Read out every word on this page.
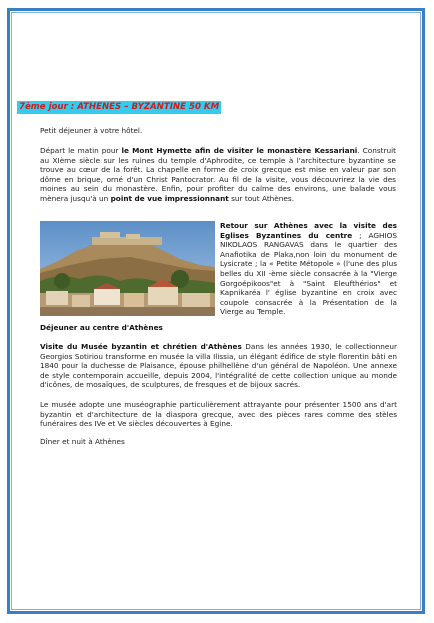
7ème jour : ATHENES – BYZANTINE 50 KM

Petit déjeuner à votre hôtel.

Départ le matin pour le Mont Hymette afin de visiter le monastère Kessariani. Construit au XIème siècle sur les ruines du temple d'Aphrodite, ce temple à l'architecture byzantine se trouve au cœur de la forêt. La chapelle en forme de croix grecque est mise en valeur par son dôme en brique, orné d'un Christ Pantocrator. Au fil de la visite, vous découvrirez la vie des moines au sein du monastère. Enfin, pour profiter du calme des environs, une balade vous mènera jusqu'à un point de vue impressionnant sur tout Athènes.

Retour sur Athènes avec la visite des Eglises Byzantines du centre ; AGHIOS NIKOLAOS RANGAVAS dans le quartier des Anafiotika de Plaka,non loin du monument de Lysicrate ; la « Petite Métopole » (l'une des plus belles du XII -ème siècle consacrée à la "Vierge Gorgoépikoos"et à "Saint Eleufthérios" et Kapnikaréa l' église byzantine en croix avec coupole consacrée à la Présentation de la Vierge au Temple.

Déjeuner au centre d'Athènes

Visite du Musée byzantin et chrétien d'Athènes Dans les années 1930, le collectionneur Georgios Sotiriou transforme en musée la villa Ilissia, un élégant édifice de style florentin bâti en 1840 pour la duchesse de Plaisance, épouse philhellène d'un général de Napoléon. Une annexe de style contemporain accueille, depuis 2004, l'intégralité de cette collection unique au monde d'icônes, de mosaïques, de sculptures, de fresques et de bijoux sacrés.

Le musée adopte une muséographie particulièrement attrayante pour présenter 1500 ans d'art byzantin et d'architecture de la diaspora grecque, avec des pièces rares comme des stèles funéraires des IVe et Ve siècles découvertes à Egine.

Dîner et nuit à Athènes
